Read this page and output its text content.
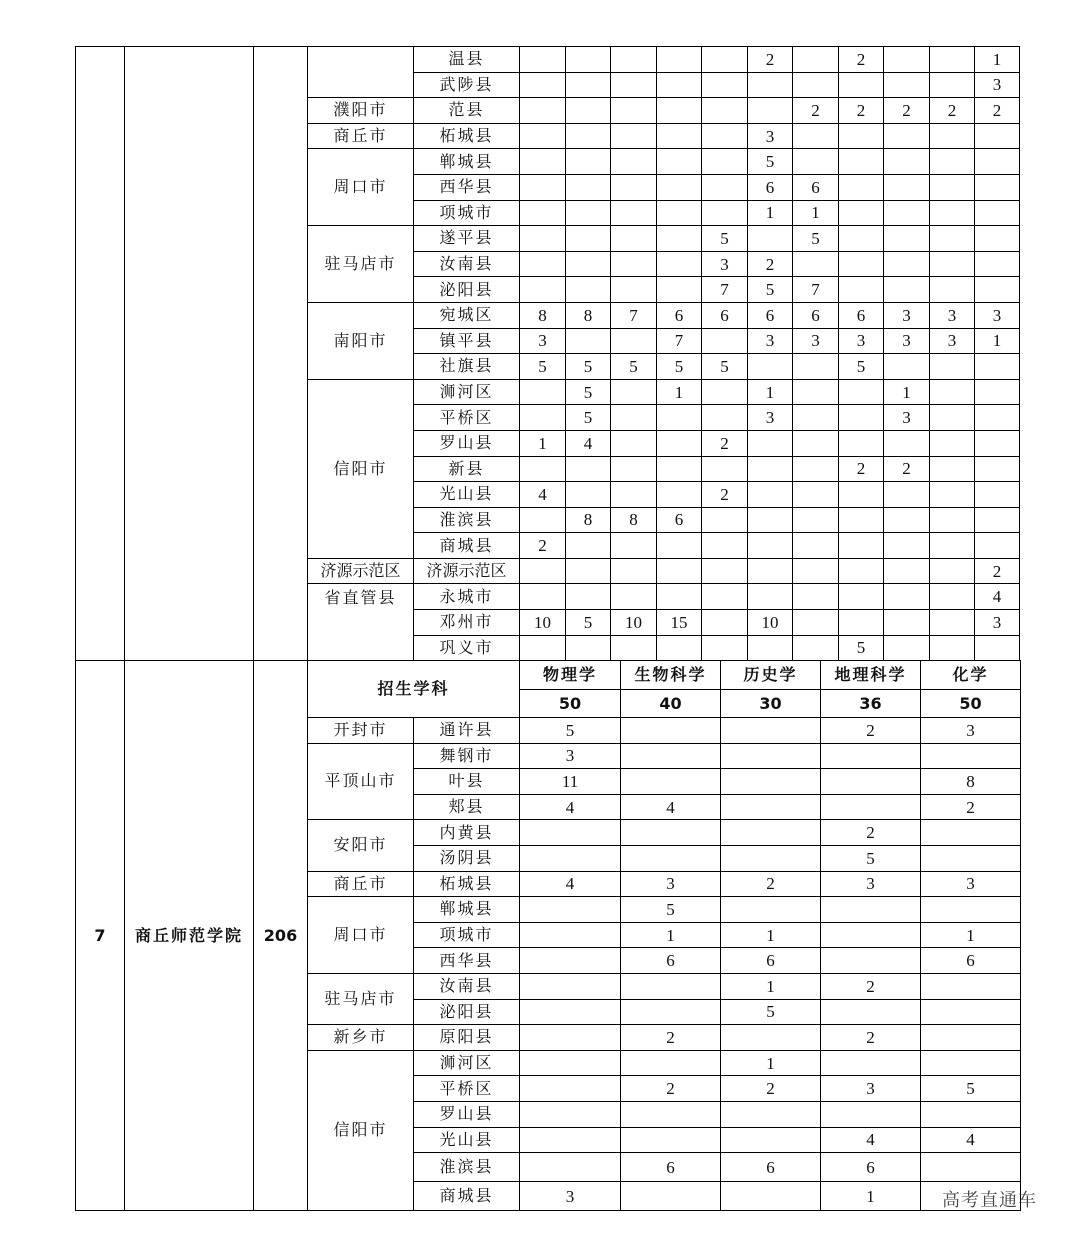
				温县						2		2			1
				武陟县											3
			濮阳市	范县							2	2	2	2	2
			商丘市	柘城县						3					
			周口市	郸城县						5					
				西华县						6	6				
				项城市						1	1				
			驻马店市	遂平县					5		5				
				汝南县					3	2					
				泌阳县					7	5	7				
			南阳市	宛城区	8	8	7	6	6	6	6	6	3	3	3
				镇平县	3			7		3	3	3	3	3	1
				社旗县	5	5	5	5	5			5			
			信阳市	浉河区		5		1		1			1		
				平桥区		5				3			3		
				罗山县	1	4			2						
				新县								2	2		
				光山县	4				2						
				淮滨县		8	8	6							
				商城县	2										
			济源示范区	济源示范区											2
			省直管县	永城市											4
				邓州市	10	5	10	15		10					3
				巩义市								5			
7	商丘师范学院	206	招生学科		物理学	生物科学	历史学	地理科学	化学
					50	40	30	36	50
			开封市	通许县	5			2	3
			平顶山市	舞钢市	3				
				叶县	11				8
				郏县	4	4			2
			安阳市	内黄县				2	
				汤阴县				5	
			商丘市	柘城县	4	3	2	3	3
			周口市	郸城县		5			
				项城市		1	1		1
				西华县		6	6		6
			驻马店市	汝南县			1	2	
				泌阳县			5		
			新乡市	原阳县		2		2	
			信阳市	浉河区			1		
				平桥区		2	2	3	5
				罗山县					
				光山县				4	4
				淮滨县		6	6	6	
				商城县	3			1		高考直通车
